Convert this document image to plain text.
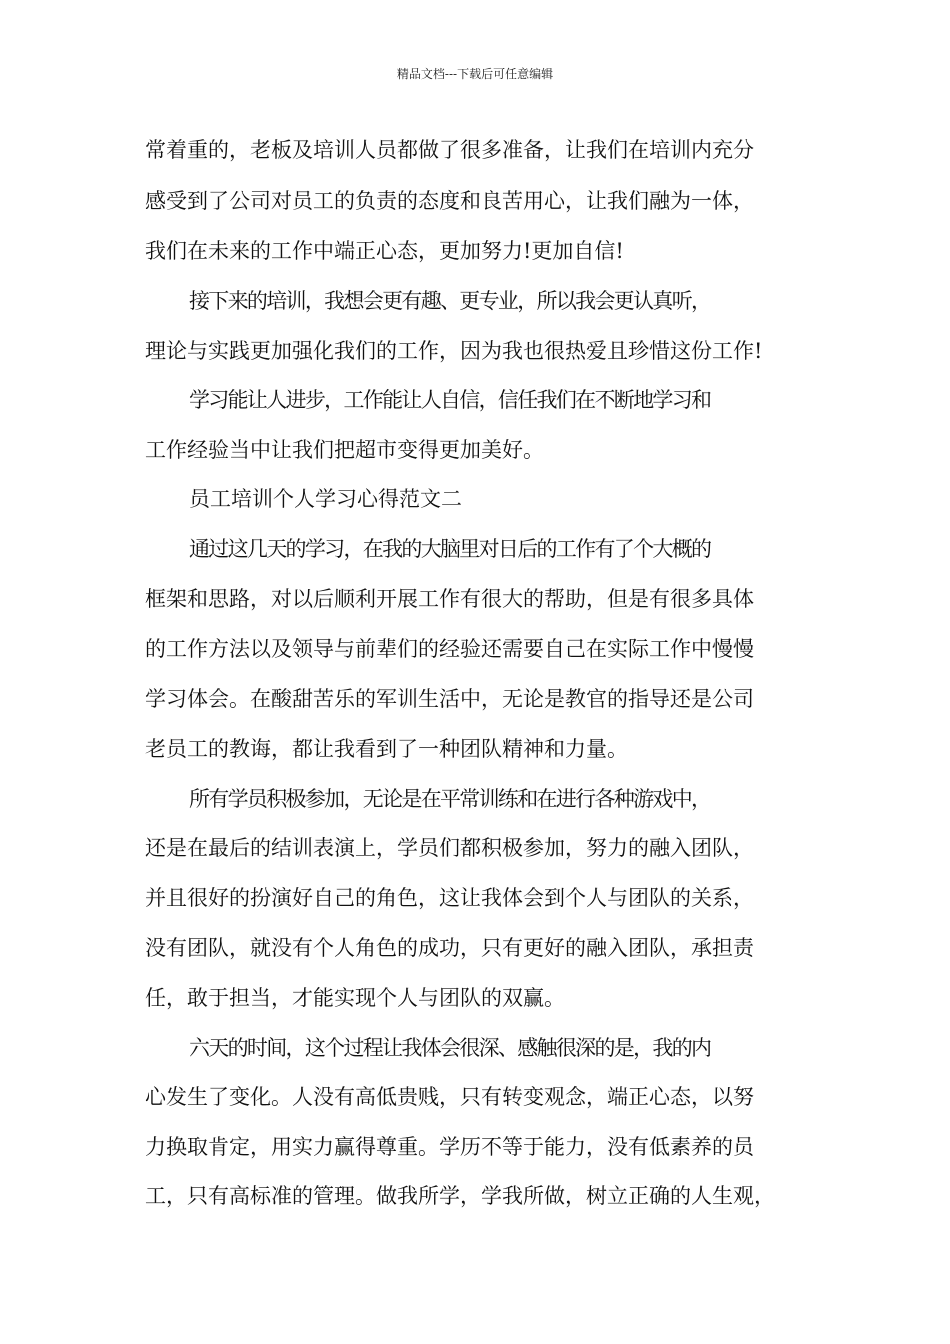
精品文档---下载后可任意编辑
常着重的，老板及培训人员都做了很多准备，让我们在培训内充分
感受到了公司对员工的负责的态度和良苦用心，让我们融为一体，
我们在未来的工作中端正心态，更加努力!更加自信!
接下来的培训，我想会更有趣、更专业，所以我会更认真听，
理论与实践更加强化我们的工作，因为我也很热爱且珍惜这份工作!
学习能让人进步，工作能让人自信，信任我们在不断地学习和
工作经验当中让我们把超市变得更加美好。
员工培训个人学习心得范文二
通过这几天的学习，在我的大脑里对日后的工作有了个大概的
框架和思路，对以后顺利开展工作有很大的帮助，但是有很多具体
的工作方法以及领导与前辈们的经验还需要自己在实际工作中慢慢
学习体会。在酸甜苦乐的军训生活中，无论是教官的指导还是公司
老员工的教诲，都让我看到了一种团队精神和力量。
所有学员积极参加，无论是在平常训练和在进行各种游戏中，
还是在最后的结训表演上，学员们都积极参加，努力的融入团队，
并且很好的扮演好自己的角色，这让我体会到个人与团队的关系，
没有团队，就没有个人角色的成功，只有更好的融入团队，承担责
任，敢于担当，才能实现个人与团队的双赢。
六天的时间，这个过程让我体会很深、感触很深的是，我的内
心发生了变化。人没有高低贵贱，只有转变观念，端正心态，以努
力换取肯定，用实力赢得尊重。学历不等于能力，没有低素养的员
工，只有高标准的管理。做我所学，学我所做，树立正确的人生观，
